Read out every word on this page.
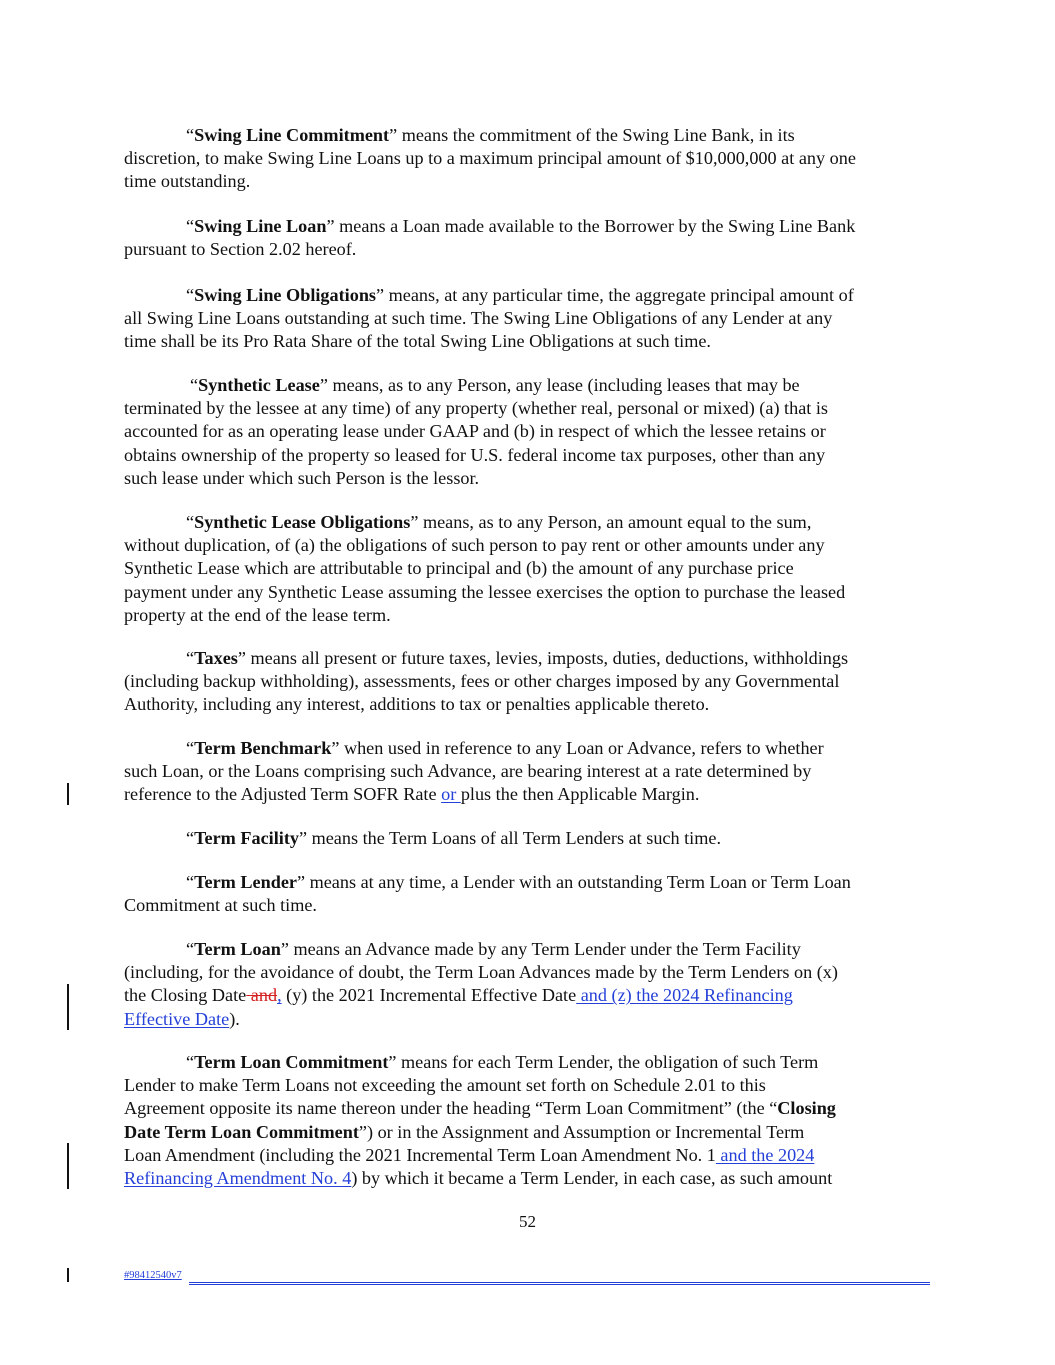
“Swing Line Commitment” means the commitment of the Swing Line Bank, in its
discretion, to make Swing Line Loans up to a maximum principal amount of $10,000,000 at any one
time outstanding.
“Swing Line Loan” means a Loan made available to the Borrower by the Swing Line Bank
pursuant to Section 2.02 hereof.
“Swing Line Obligations” means, at any particular time, the aggregate principal amount of
all Swing Line Loans outstanding at such time. The Swing Line Obligations of any Lender at any
time shall be its Pro Rata Share of the total Swing Line Obligations at such time.
“Synthetic Lease” means, as to any Person, any lease (including leases that may be
terminated by the lessee at any time) of any property (whether real, personal or mixed) (a) that is
accounted for as an operating lease under GAAP and (b) in respect of which the lessee retains or
obtains ownership of the property so leased for U.S. federal income tax purposes, other than any
such lease under which such Person is the lessor.
“Synthetic Lease Obligations” means, as to any Person, an amount equal to the sum,
without duplication, of (a) the obligations of such person to pay rent or other amounts under any
Synthetic Lease which are attributable to principal and (b) the amount of any purchase price
payment under any Synthetic Lease assuming the lessee exercises the option to purchase the leased
property at the end of the lease term.
“Taxes” means all present or future taxes, levies, imposts, duties, deductions, withholdings
(including backup withholding), assessments, fees or other charges imposed by any Governmental
Authority, including any interest, additions to tax or penalties applicable thereto.
“Term Benchmark” when used in reference to any Loan or Advance, refers to whether
such Loan, or the Loans comprising such Advance, are bearing interest at a rate determined by
reference to the Adjusted Term SOFR Rate or plus the then Applicable Margin.
“Term Facility” means the Term Loans of all Term Lenders at such time.
“Term Lender” means at any time, a Lender with an outstanding Term Loan or Term Loan
Commitment at such time.
“Term Loan” means an Advance made by any Term Lender under the Term Facility
(including, for the avoidance of doubt, the Term Loan Advances made by the Term Lenders on (x)
the Closing Date and, (y) the 2021 Incremental Effective Date and (z) the 2024 Refinancing
Effective Date).
“Term Loan Commitment” means for each Term Lender, the obligation of such Term
Lender to make Term Loans not exceeding the amount set forth on Schedule 2.01 to this
Agreement opposite its name thereon under the heading “Term Loan Commitment” (the “Closing
Date Term Loan Commitment”) or in the Assignment and Assumption or Incremental Term
Loan Amendment (including the 2021 Incremental Term Loan Amendment No. 1 and the 2024
Refinancing Amendment No. 4) by which it became a Term Lender, in each case, as such amount
52
#98412540v7
